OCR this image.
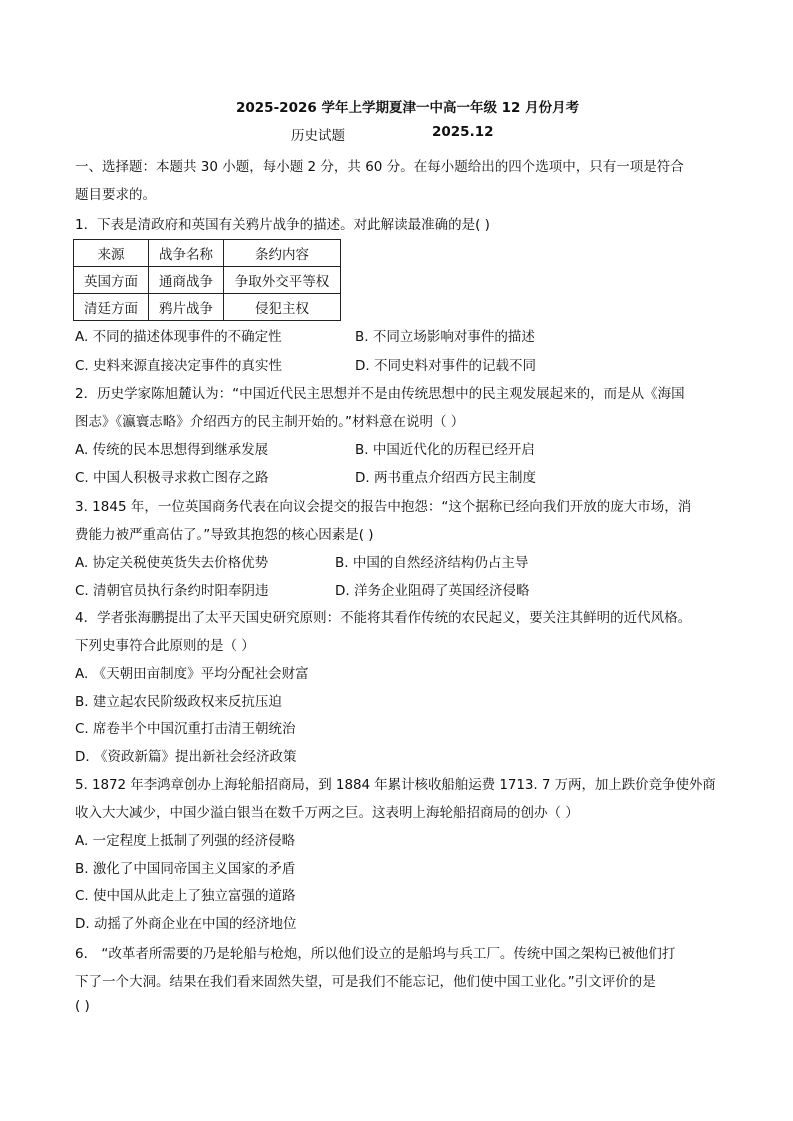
2025-2026 学年上学期夏津一中高一年级 12 月份月考
历史试题	2025.12
一、选择题：本题共 30 小题，每小题 2 分，共 60 分。在每小题给出的四个选项中，只有一项是符合
题目要求的。
1．下表是清政府和英国有关鸦片战争的描述。对此解读最准确的是( )
来源	战争名称	条约内容
英国方面	通商战争	争取外交平等权
清廷方面	鸦片战争	侵犯主权
A. 不同的描述体现事件的不确定性	B. 不同立场影响对事件的描述
C. 史料来源直接决定事件的真实性	D. 不同史料对事件的记载不同
2．历史学家陈旭麓认为：“中国近代民主思想并不是由传统思想中的民主观发展起来的，而是从《海国
图志》《瀛寰志略》介绍西方的民主制开始的。”材料意在说明（ ）
A. 传统的民本思想得到继承发展	B. 中国近代化的历程已经开启
C. 中国人积极寻求救亡图存之路	D. 两书重点介绍西方民主制度
3. 1845 年，一位英国商务代表在向议会提交的报告中抱怨：“这个据称已经向我们开放的庞大市场，消
费能力被严重高估了。”导致其抱怨的核心因素是( )
A. 协定关税使英货失去价格优势	B. 中国的自然经济结构仍占主导
C. 清朝官员执行条约时阳奉阴违	D. 洋务企业阻碍了英国经济侵略
4．学者张海鹏提出了太平天国史研究原则：不能将其看作传统的农民起义，要关注其鲜明的近代风格。
下列史事符合此原则的是（ ）
A. 《天朝田亩制度》平均分配社会财富
B. 建立起农民阶级政权来反抗压迫
C. 席卷半个中国沉重打击清王朝统治
D. 《资政新篇》提出新社会经济政策
5. 1872 年李鸿章创办上海轮船招商局，到 1884 年累计核收船舶运费 1713. 7 万两，加上跌价竞争使外商
收入大大减少，中国少溢白银当在数千万两之巨。这表明上海轮船招商局的创办（ ）
A. 一定程度上抵制了列强的经济侵略
B. 激化了中国同帝国主义国家的矛盾
C. 使中国从此走上了独立富强的道路
D. 动摇了外商企业在中国的经济地位
6． “改革者所需要的乃是轮船与枪炮，所以他们设立的是船坞与兵工厂。传统中国之架构已被他们打
下了一个大洞。结果在我们看来固然失望，可是我们不能忘记，他们使中国工业化。”引文评价的是
( )
